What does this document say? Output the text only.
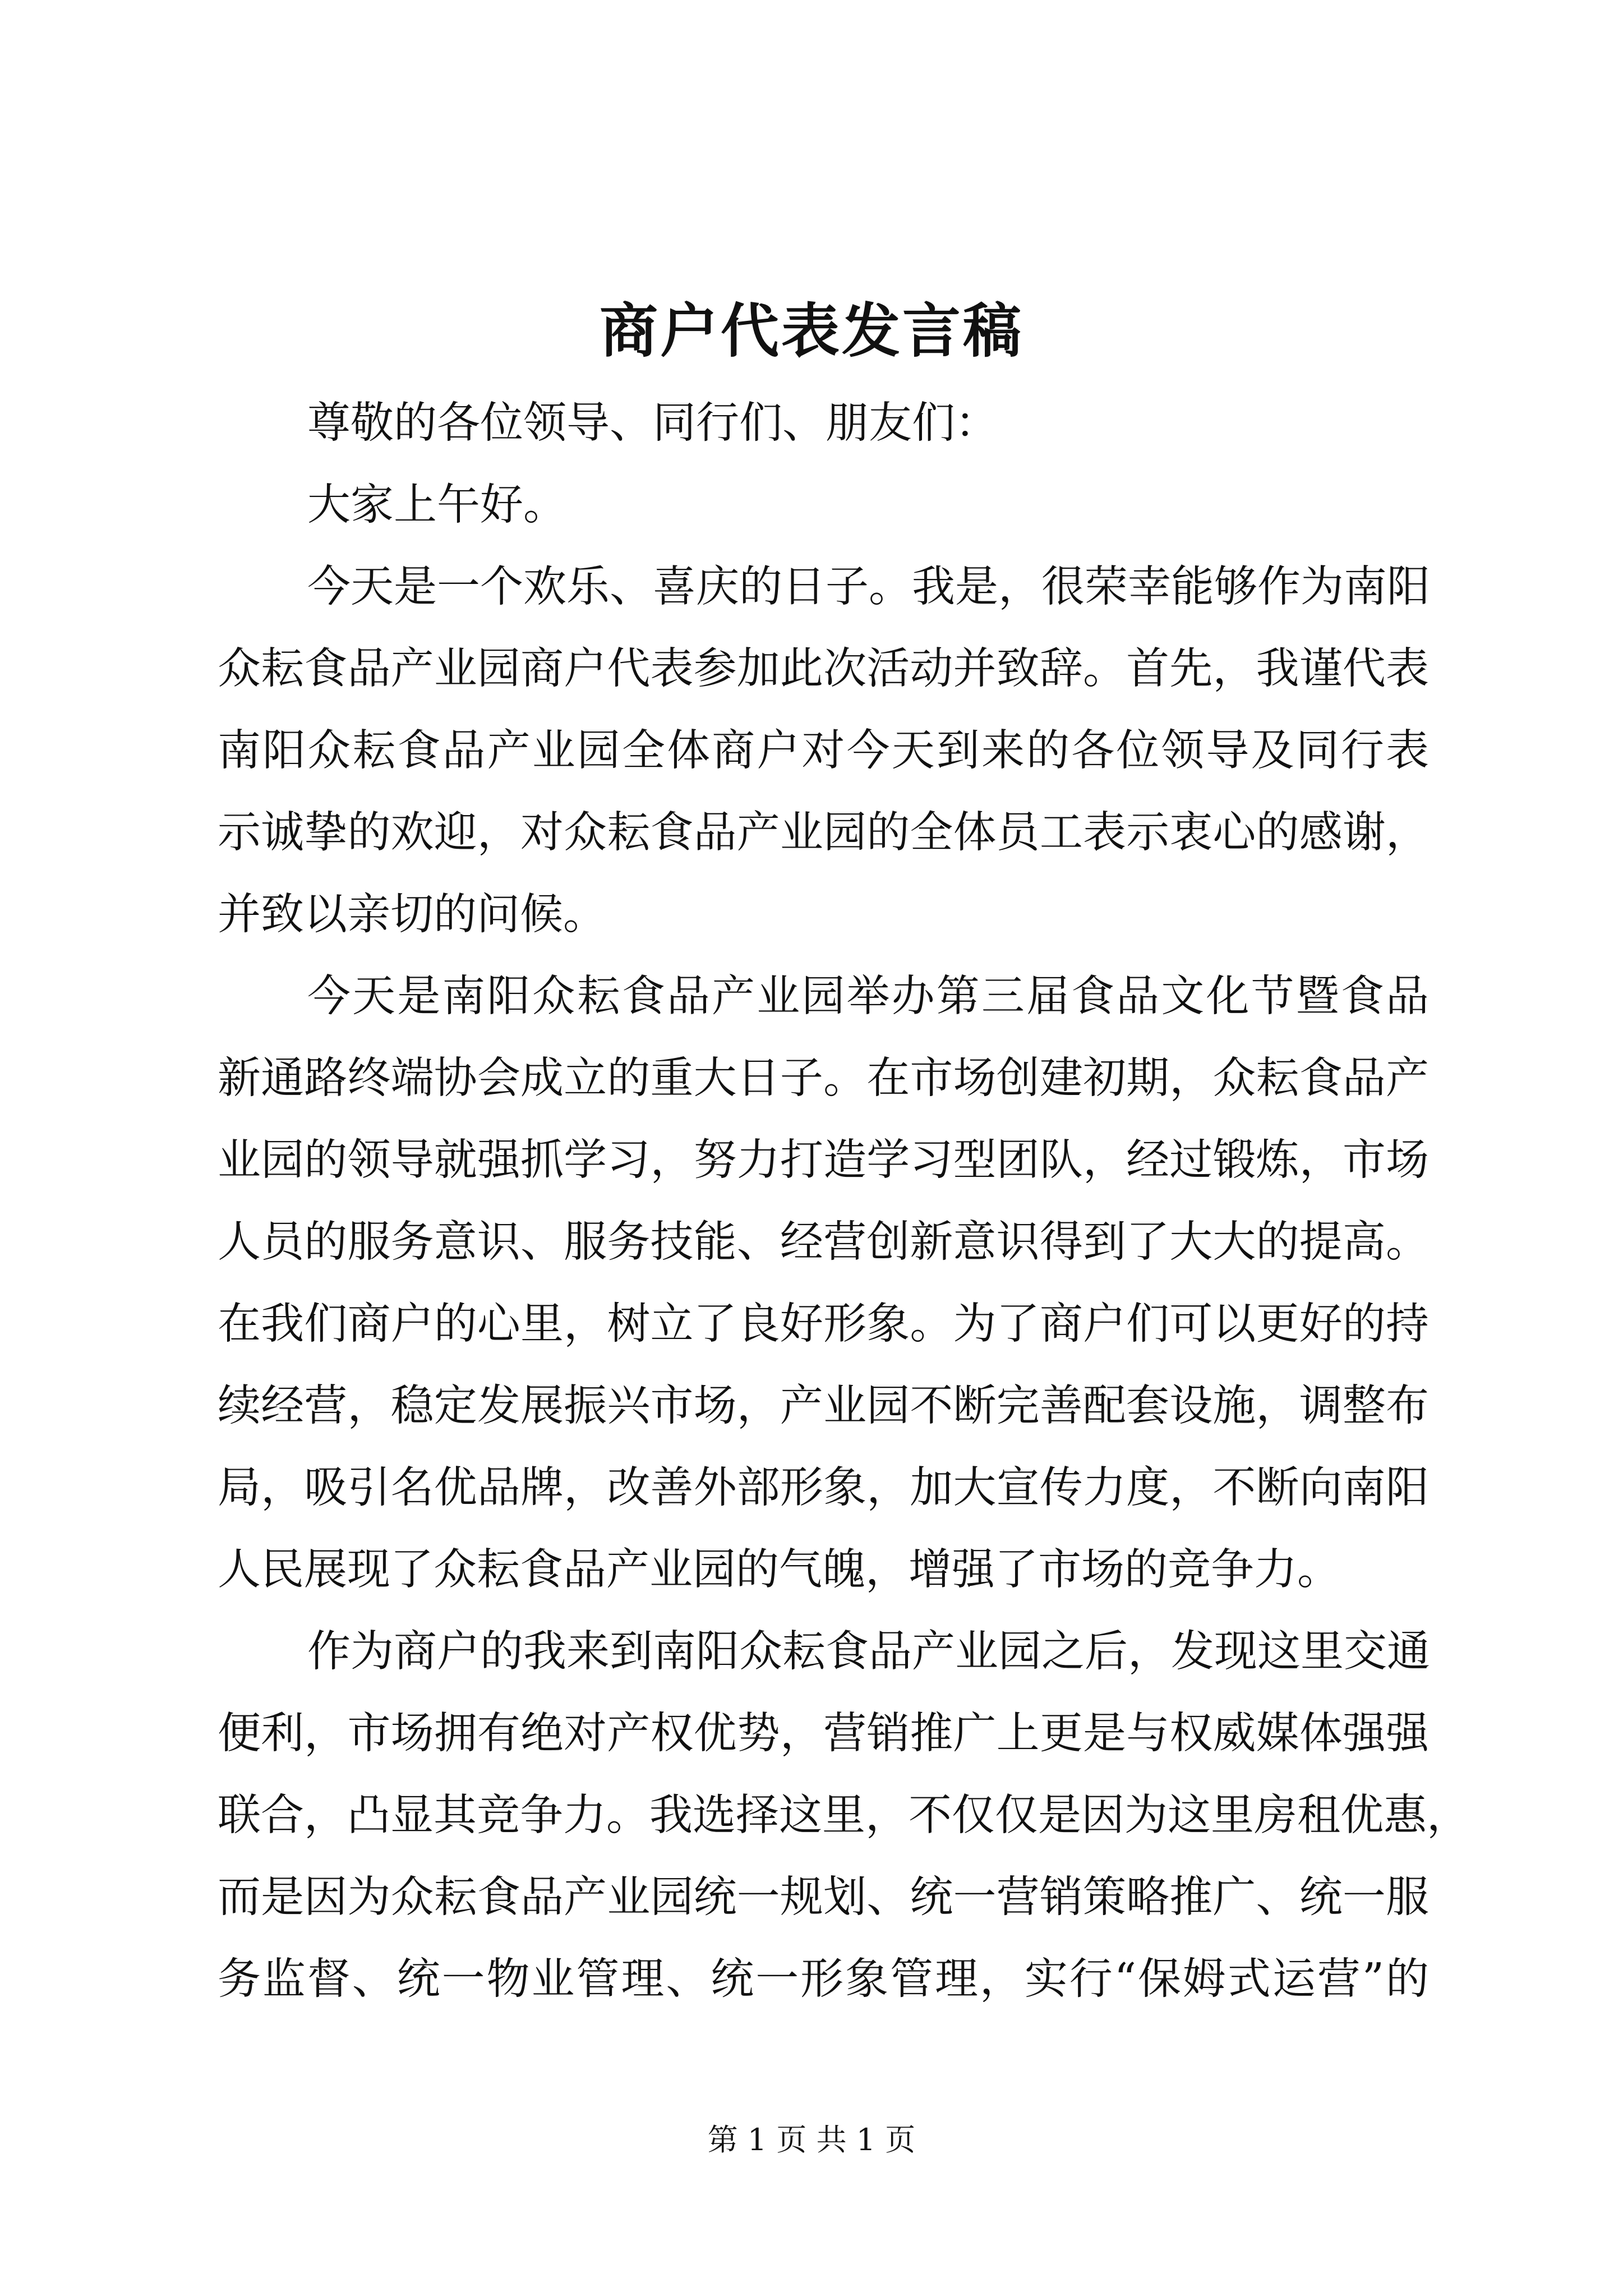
商户代表发言稿
尊敬的各位领导、同行们、朋友们：
大家上午好。
今天是一个欢乐、喜庆的日子。我是，很荣幸能够作为南阳
众耘食品产业园商户代表参加此次活动并致辞。首先，我谨代表
南阳众耘食品产业园全体商户对今天到来的各位领导及同行表
示诚挚的欢迎，对众耘食品产业园的全体员工表示衷心的感谢，
并致以亲切的问候。
今天是南阳众耘食品产业园举办第三届食品文化节暨食品
新通路终端协会成立的重大日子。在市场创建初期，众耘食品产
业园的领导就强抓学习，努力打造学习型团队，经过锻炼，市场
人员的服务意识、服务技能、经营创新意识得到了大大的提高。
在我们商户的心里，树立了良好形象。为了商户们可以更好的持
续经营，稳定发展振兴市场，产业园不断完善配套设施，调整布
局，吸引名优品牌，改善外部形象，加大宣传力度，不断向南阳
人民展现了众耘食品产业园的气魄，增强了市场的竞争力。
作为商户的我来到南阳众耘食品产业园之后，发现这里交通
便利，市场拥有绝对产权优势，营销推广上更是与权威媒体强强
联合，凸显其竞争力。我选择这里，不仅仅是因为这里房租优惠，
而是因为众耘食品产业园统一规划、统一营销策略推广、统一服
务监督、统一物业管理、统一形象管理，实行“保姆式运营”的
第 1 页 共 1 页
